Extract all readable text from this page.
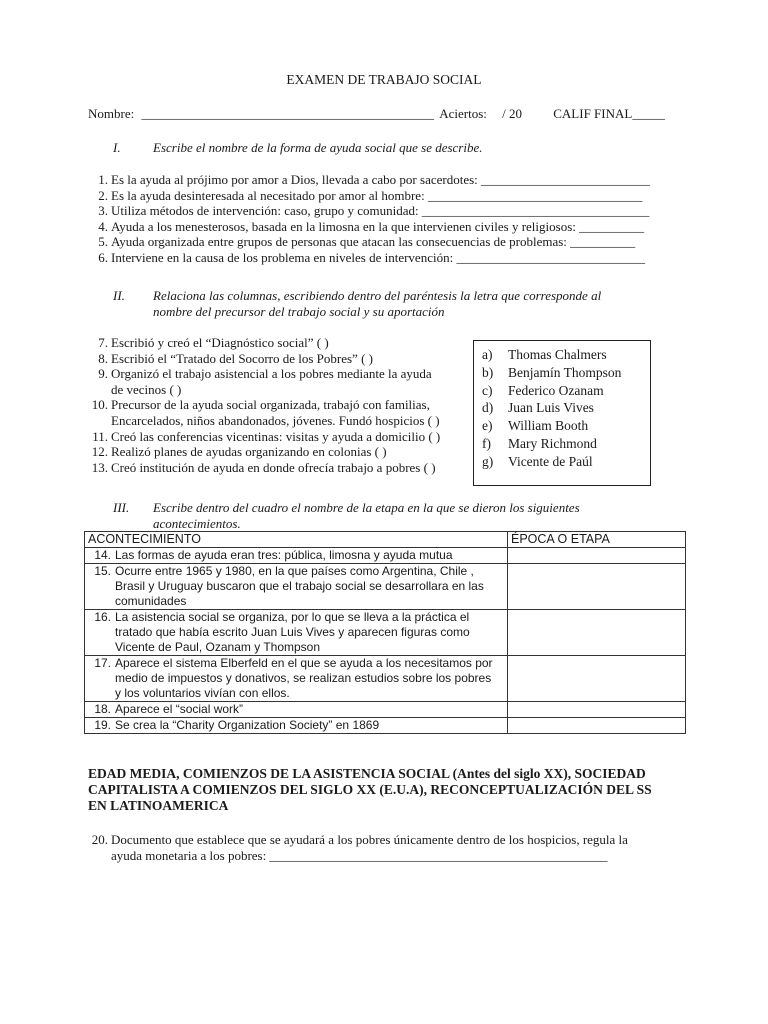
EXAMEN DE TRABAJO SOCIAL
Nombre: _____________________________________________ Aciertos: / 20 CALIF FINAL_____
I. Escribe el nombre de la forma de ayuda social que se describe.
1. Es la ayuda al prójimo por amor a Dios, llevada a cabo por sacerdotes: __________________________
2. Es la ayuda desinteresada al necesitado por amor al hombre: _________________________________
3. Utiliza métodos de intervención: caso, grupo y comunidad: ___________________________________
4. Ayuda a los menesterosos, basada en la limosna en la que intervienen civiles y religiosos: __________
5. Ayuda organizada entre grupos de personas que atacan las consecuencias de problemas: __________
6. Interviene en la causa de los problema en niveles de intervención: _____________________________
II. Relaciona las columnas, escribiendo dentro del paréntesis la letra que corresponde al
nombre del precursor del trabajo social y su aportación
7. Escribió y creó el “Diagnóstico social” ( )
8. Escribió el “Tratado del Socorro de los Pobres” ( )
9. Organizó el trabajo asistencial a los pobres mediante la ayuda
de vecinos ( )
10. Precursor de la ayuda social organizada, trabajó con familias,
Encarcelados, niños abandonados, jóvenes. Fundó hospicios ( )
11. Creó las conferencias vicentinas: visitas y ayuda a domicilio ( )
12. Realizó planes de ayudas organizando en colonias ( )
13. Creó institución de ayuda en donde ofrecía trabajo a pobres ( )
a) Thomas Chalmers
b) Benjamín Thompson
c) Federico Ozanam
d) Juan Luis Vives
e) William Booth
f) Mary Richmond
g) Vicente de Paúl
III. Escribe dentro del cuadro el nombre de la etapa en la que se dieron los siguientes
acontecimientos.
ACONTECIMIENTO	ÉPOCA O ETAPA
14. Las formas de ayuda eran tres: pública, limosna y ayuda mutua	
15. Ocurre entre 1965 y 1980, en la que países como Argentina, Chile ,
Brasil y Uruguay buscaron que el trabajo social se desarrollara en las
comunidades	

16. La asistencia social se organiza, por lo que se lleva a la práctica el
tratado que había escrito Juan Luis Vives y aparecen figuras como
Vicente de Paul, Ozanam y Thompson	

17. Aparece el sistema Elberfeld en el que se ayuda a los necesitamos por
medio de impuestos y donativos, se realizan estudios sobre los pobres
y los voluntarios vivían con ellos.	

18. Aparece el “social work”	
19. Se crea la “Charity Organization Society” en 1869	
EDAD MEDIA, COMIENZOS DE LA ASISTENCIA SOCIAL (Antes del siglo XX), SOCIEDAD
CAPITALISTA A COMIENZOS DEL SIGLO XX (E.U.A), RECONCEPTUALIZACIÓN DEL SS
EN LATINOAMERICA
20. Documento que establece que se ayudará a los pobres únicamente dentro de los hospicios, regula la
ayuda monetaria a los pobres: ____________________________________________________
